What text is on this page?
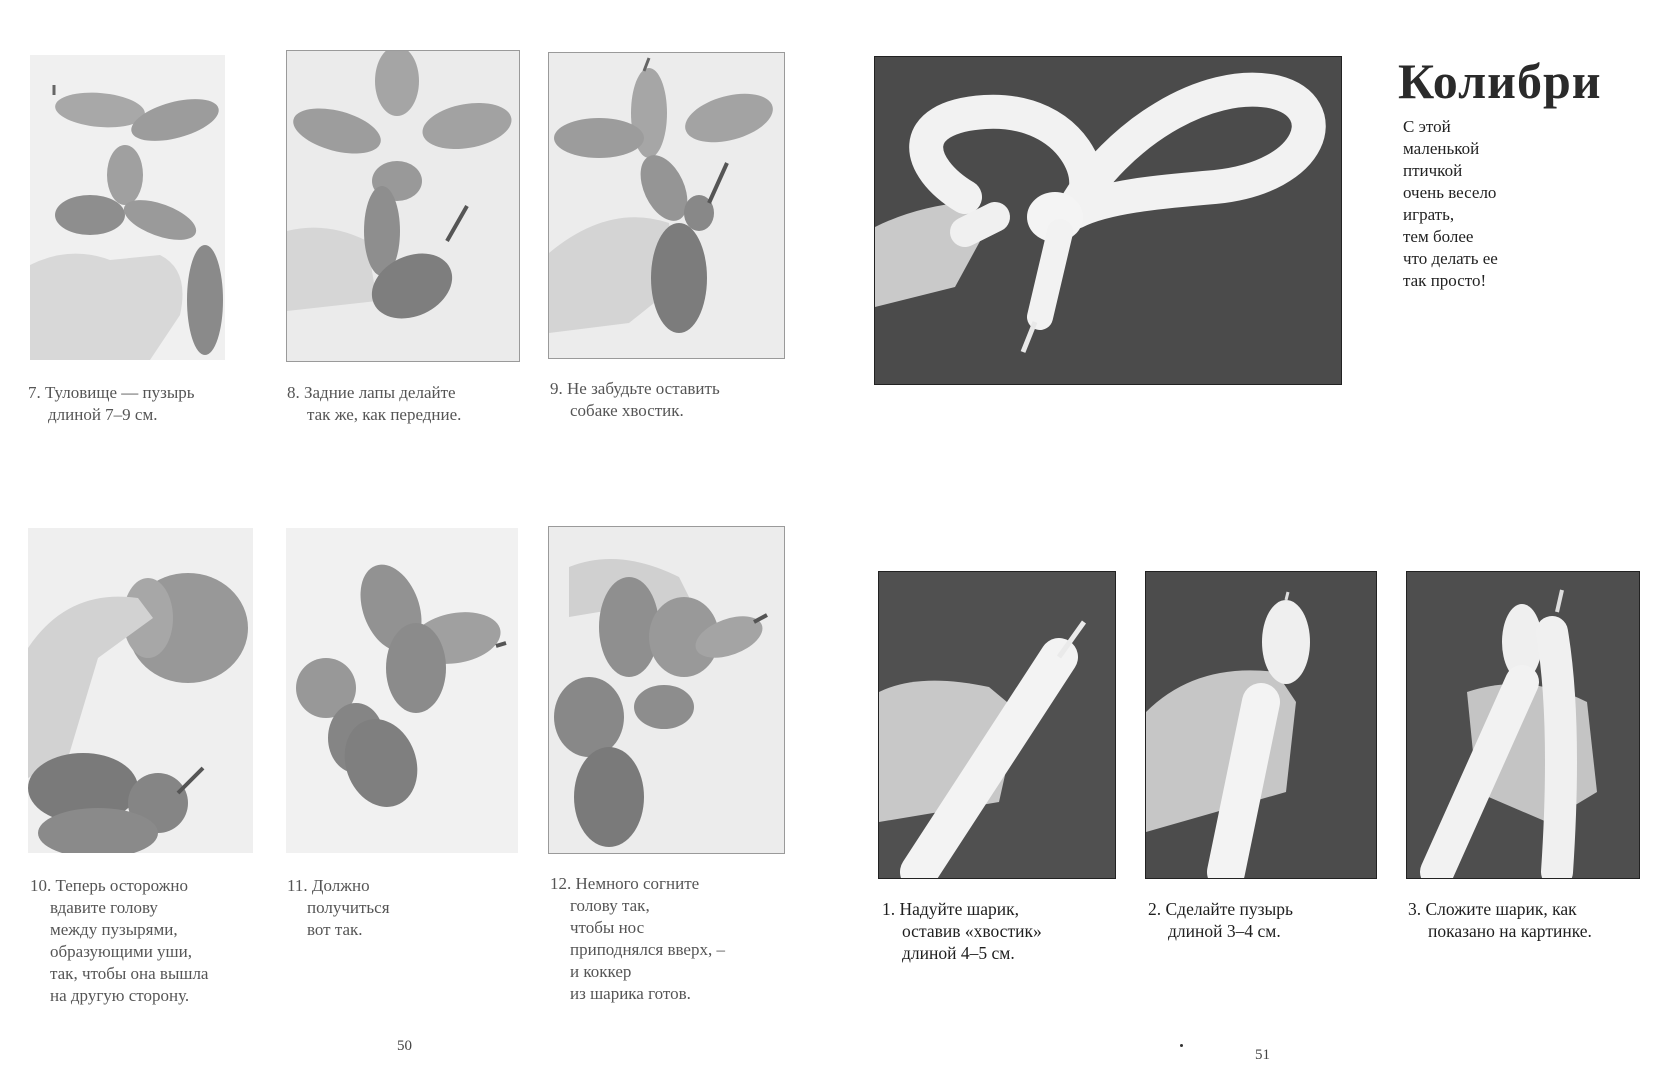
7. Туловище — пузырь
длиной 7–9 см.
8. Задние лапы делайте
так же, как передние.
9. Не забудьте оставить
собаке хвостик.
10. Теперь осторожно
вдавите голову
между пузырями,
образующими уши,
так, чтобы она вышла
на другую сторону.
11. Должно
получиться
вот так.
12. Немного согните
голову так,
чтобы нос
приподнялся вверх, –
и коккер
из шарика готов.
50
Колибри
С этой
маленькой
птичкой
очень весело
играть,
тем более
что делать ее
так просто!
1. Надуйте шарик,
оставив «хвостик»
длиной 4–5 см.
2. Сделайте пузырь
длиной 3–4 см.
3. Сложите шарик, как
показано на картинке.
51
